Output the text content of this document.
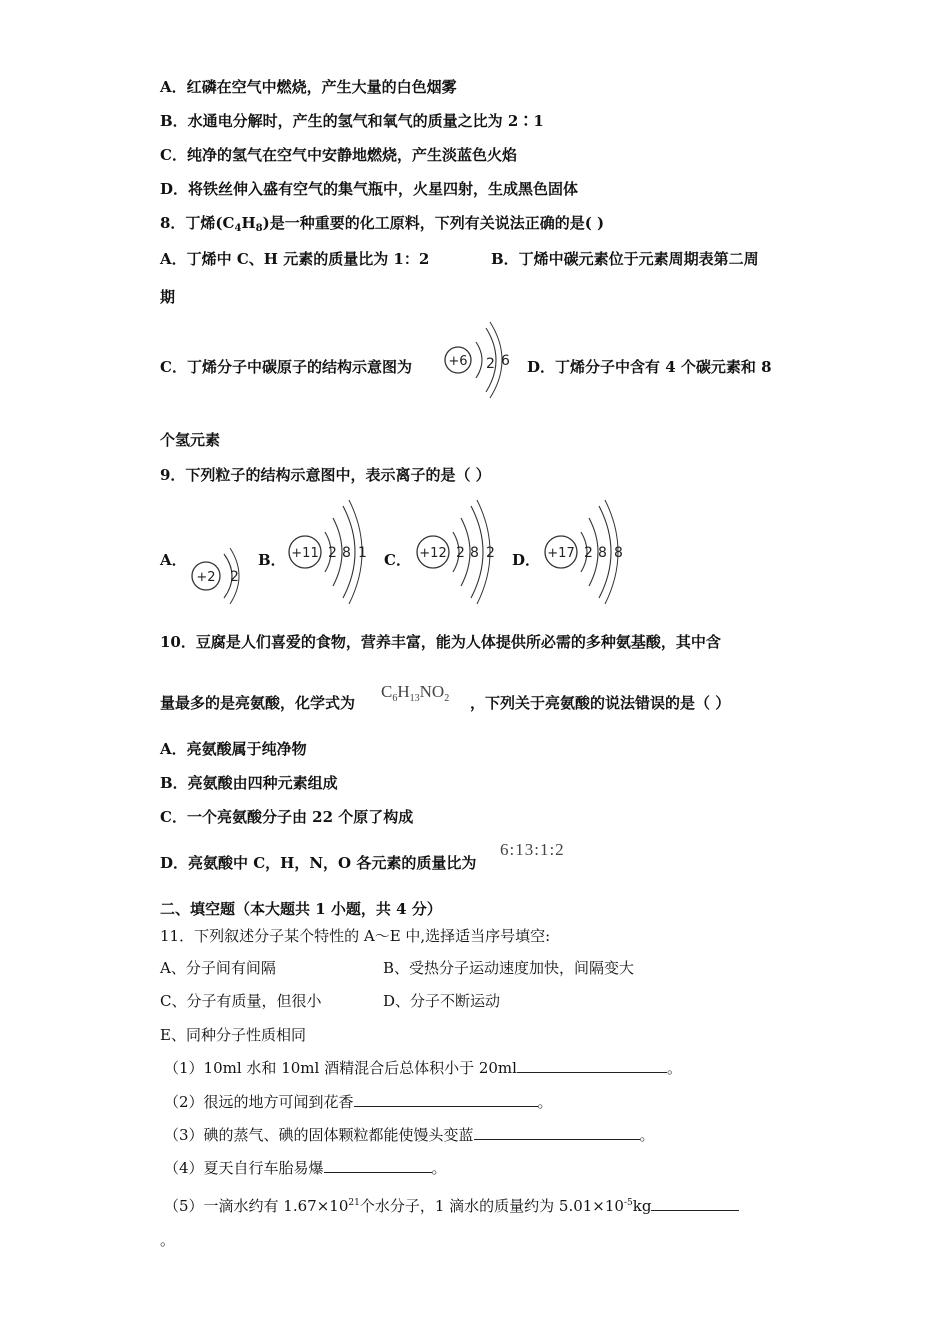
A．红磷在空气中燃烧，产生大量的白色烟雾
B．水通电分解时，产生的氢气和氧气的质量之比为 2∶1
C．纯净的氢气在空气中安静地燃烧，产生淡蓝色火焰
D．将铁丝伸入盛有空气的集气瓶中，火星四射，生成黑色固体
8．丁烯$(C_4H_8)$是一种重要的化工原料，下列有关说法正确的是( )
A．丁烯中 C、H 元素的质量比为 1：2	B．丁烯中碳元素位于元素周期表第二周
期
C．丁烯分子中碳原子的结构示意图为	+6 2 6 D．丁烯分子中含有 4 个碳元素和 8
个氢元素
9．下列粒子的结构示意图中，表示离子的是（ ）
A．
+2 2
B． +11 2 8 1 C． +12 2 8 2 D． +17 2 8 8
10．豆腐是人们喜爱的食物，营养丰富，能为人体提供所必需的多种氨基酸，其中含
量最多的是亮氨酸，化学式为
$C_6H_{13}NO_2$ ，下列关于亮氨酸的说法错误的是（ ）
A．亮氨酸属于纯净物
B．亮氨酸由四种元素组成
C．一个亮氨酸分子由 22 个原了构成
D．亮氨酸中 C，H，N，O 各元素的质量比为
6:13:1:2
二、填空题（本大题共 1 小题，共 4 分）
11．下列叙述分子某个特性的 A～E 中,选择适当序号填空:
A、分子间有间隔	B、受热分子运动速度加快，间隔变大
C、分子有质量，但很小	D、分子不断运动
E、同种分子性质相同
（1）10ml 水和 10ml 酒精混合后总体积小于 20ml	。
（2）很远的地方可闻到花香	。
（3）碘的蒸气、碘的固体颗粒都能使馒头变蓝	。
（4）夏天自行车胎易爆	。
（5）一滴水约有 $1.67\times 10^{21}$个水分子，1 滴水的质量约为 $5.01\times 10^{-5}kg$
。
